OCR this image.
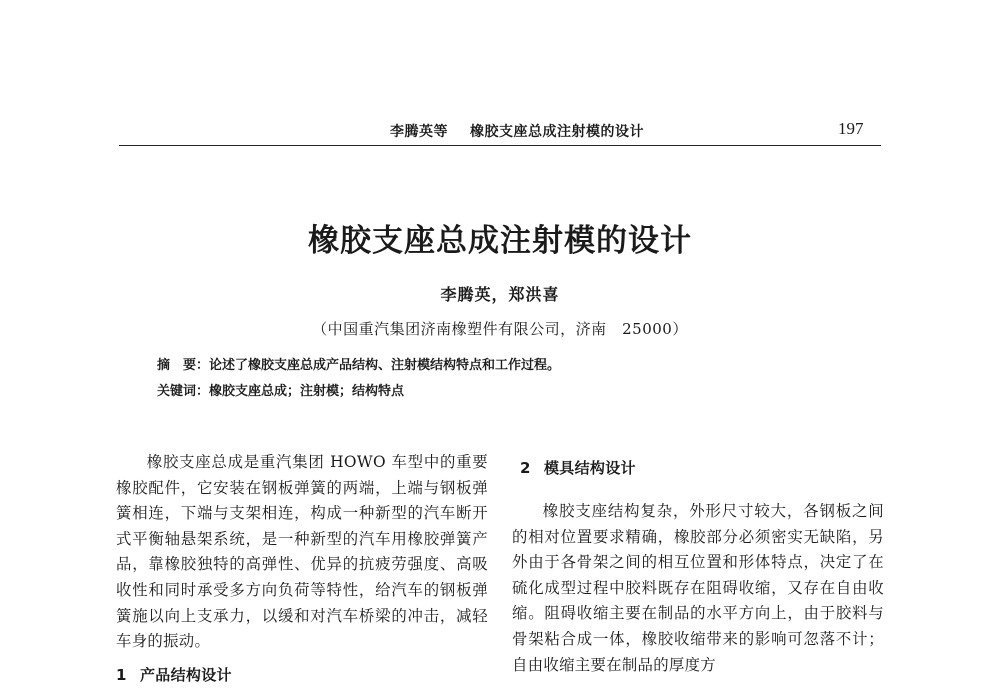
李腾英等 橡胶支座总成注射模的设计	197
橡胶支座总成注射模的设计
李腾英，郑洪喜
（中国重汽集团济南橡塑件有限公司，济南　25000）
摘　要：论述了橡胶支座总成产品结构、注射模结构特点和工作过程。
关键词：橡胶支座总成；注射模；结构特点

橡胶支座总成是重汽集团 HOWO 车型中的重要橡胶配件，它安装在钢板弹簧的两端，上端与钢板弹簧相连，下端与支架相连，构成一种新型的汽车断开式平衡轴悬架系统，是一种新型的汽车用橡胶弹簧产品，靠橡胶独特的高弹性、优异的抗疲劳强度、高吸收性和同时承受多方向负荷等特性，给汽车的钢板弹簧施以向上支承力，以缓和对汽车桥梁的冲击，减轻车身的振动。

1 产品结构设计
2 模具结构设计

橡胶支座结构复杂，外形尺寸较大，各钢板之间的相对位置要求精确，橡胶部分必须密实无缺陷，另外由于各骨架之间的相互位置和形体特点，决定了在硫化成型过程中胶料既存在阻碍收缩，又存在自由收缩。阻碍收缩主要在制品的水平方向上，由于胶料与骨架粘合成一体，橡胶收缩带来的影响可忽落不计；自由收缩主要在制品的厚度方
